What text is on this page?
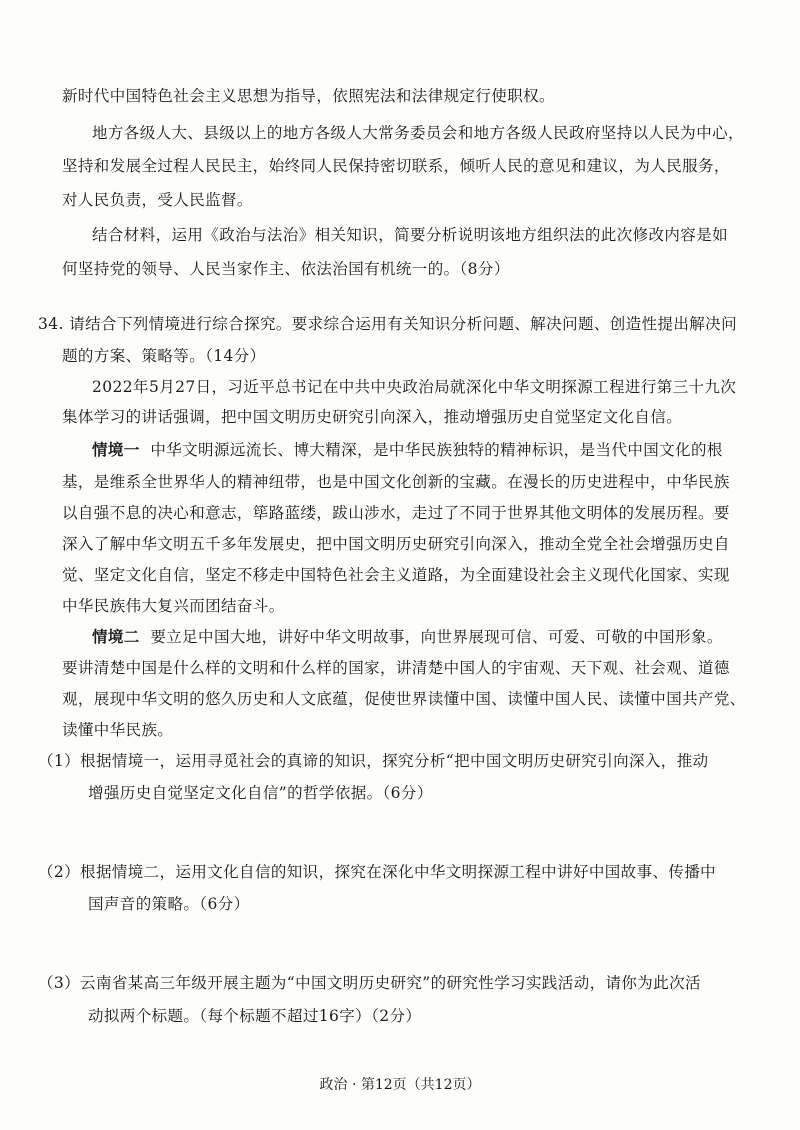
新时代中国特色社会主义思想为指导，依照宪法和法律规定行使职权。
地方各级人大、县级以上的地方各级人大常务委员会和地方各级人民政府坚持以人民为中心，
坚持和发展全过程人民民主，始终同人民保持密切联系，倾听人民的意见和建议，为人民服务，
对人民负责，受人民监督。
结合材料，运用《政治与法治》相关知识，简要分析说明该地方组织法的此次修改内容是如
何坚持党的领导、人民当家作主、依法治国有机统一的。（8分）
34. 请结合下列情境进行综合探究。要求综合运用有关知识分析问题、解决问题、创造性提出解决问
题的方案、策略等。（14分）
2022年5月27日，习近平总书记在中共中央政治局就深化中华文明探源工程进行第三十九次
集体学习的讲话强调，把中国文明历史研究引向深入，推动增强历史自觉坚定文化自信。
情境一 中华文明源远流长、博大精深，是中华民族独特的精神标识，是当代中国文化的根
基，是维系全世界华人的精神纽带，也是中国文化创新的宝藏。在漫长的历史进程中，中华民族
以自强不息的决心和意志，筚路蓝缕，跋山涉水，走过了不同于世界其他文明体的发展历程。要
深入了解中华文明五千多年发展史，把中国文明历史研究引向深入，推动全党全社会增强历史自
觉、坚定文化自信，坚定不移走中国特色社会主义道路，为全面建设社会主义现代化国家、实现
中华民族伟大复兴而团结奋斗。
情境二 要立足中国大地，讲好中华文明故事，向世界展现可信、可爱、可敬的中国形象。
要讲清楚中国是什么样的文明和什么样的国家，讲清楚中国人的宇宙观、天下观、社会观、道德
观，展现中华文明的悠久历史和人文底蕴，促使世界读懂中国、读懂中国人民、读懂中国共产党、
读懂中华民族。
（1）根据情境一，运用寻觅社会的真谛的知识，探究分析“把中国文明历史研究引向深入，推动
增强历史自觉坚定文化自信”的哲学依据。（6分）
（2）根据情境二，运用文化自信的知识，探究在深化中华文明探源工程中讲好中国故事、传播中
国声音的策略。（6分）
（3）云南省某高三年级开展主题为“中国文明历史研究”的研究性学习实践活动，请你为此次活
动拟两个标题。（每个标题不超过16字）（2分）
政治 · 第12页（共12页）
